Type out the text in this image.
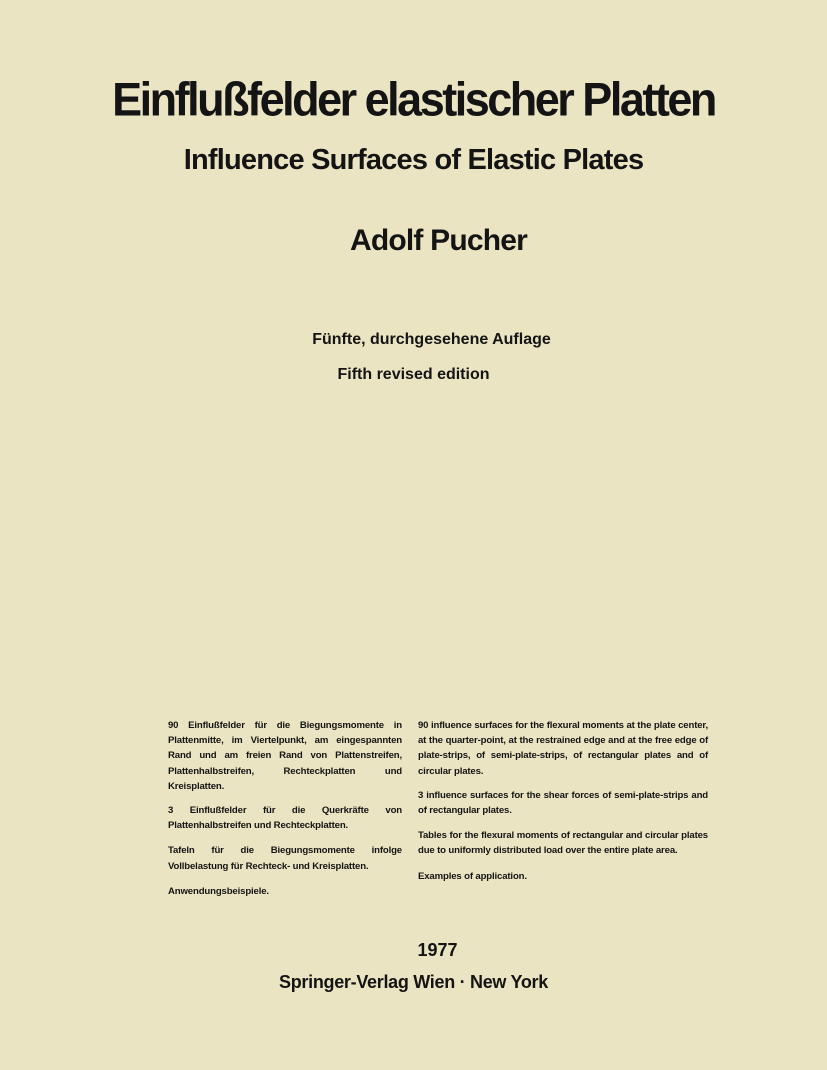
Einflußfelder elastischer Platten
Influence Surfaces of Elastic Plates
Adolf Pucher
Fünfte, durchgesehene Auflage
Fifth revised edition

90 Einflußfelder für die Biegungsmomente in Plattenmitte, im Viertelpunkt, am eingespannten Rand und am freien Rand von Plattenstreifen, Plattenhalbstreifen, Rechteckplatten und Kreisplatten.

3 Einflußfelder für die Querkräfte von Plattenhalbstreifen und Rechteckplatten.

Tafeln für die Biegungsmomente infolge Vollbelastung für Rechteck- und Kreisplatten.

Anwendungsbeispiele.

90 influence surfaces for the flexural moments at the plate center, at the quarter-point, at the restrained edge and at the free edge of plate-strips, of semi-plate-strips, of rectangular plates and of circular plates.

3 influence surfaces for the shear forces of semi-plate-strips and of rectangular plates.

Tables for the flexural moments of rectangular and circular plates due to uniformly distributed load over the entire plate area.

Examples of application.

1977
Springer-Verlag Wien · New York
